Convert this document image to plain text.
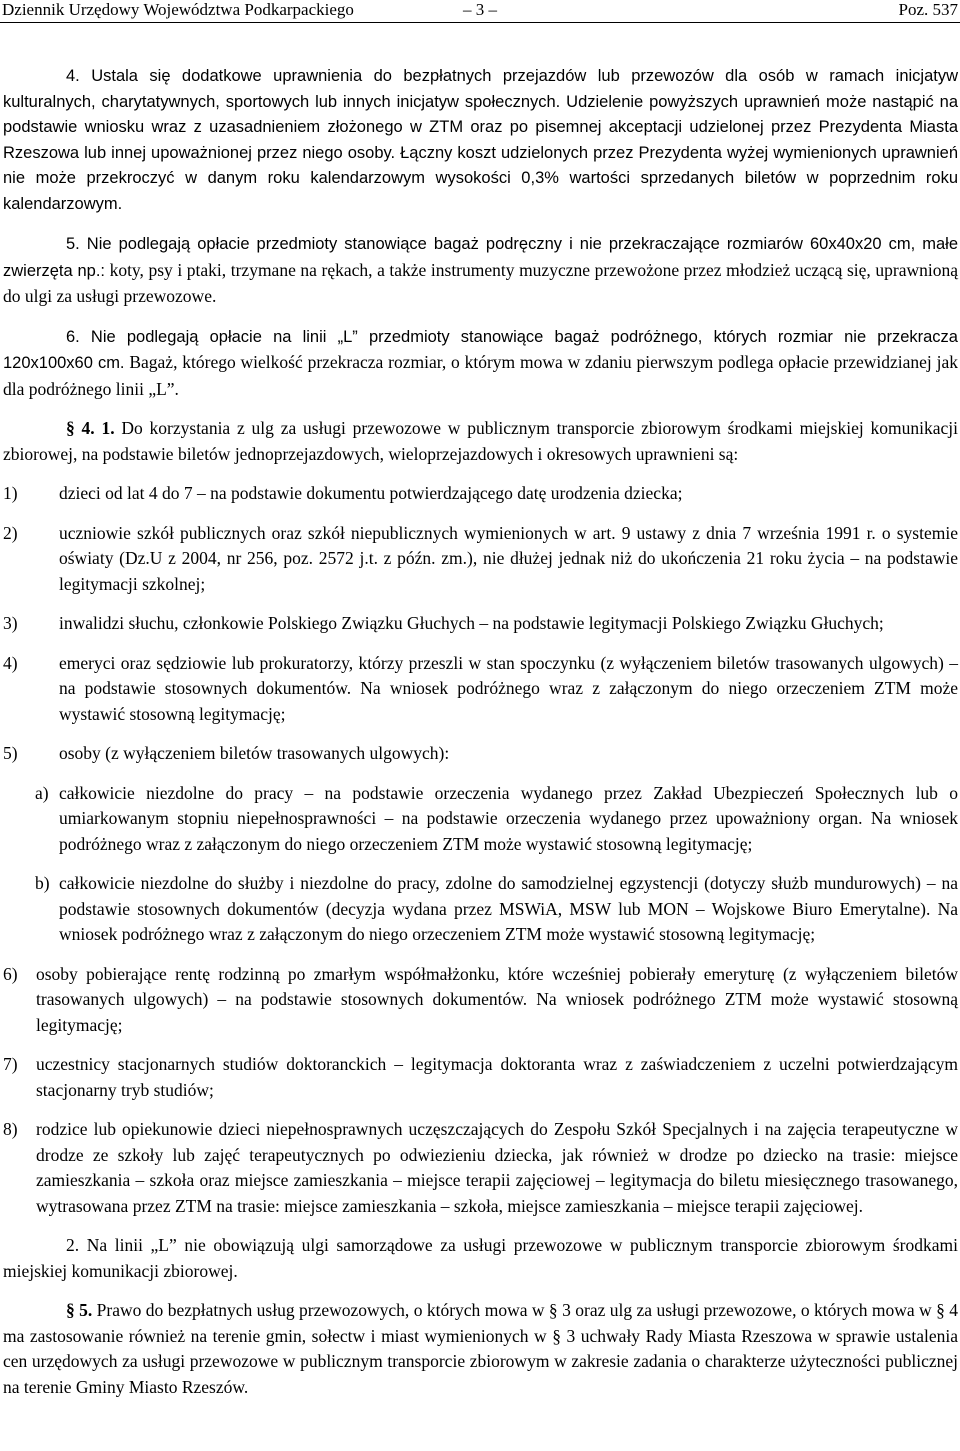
Dziennik Urzędowy Województwa Podkarpackiego	– 3 –	Poz. 537

4. Ustala się dodatkowe uprawnienia do bezpłatnych przejazdów lub przewozów dla osób w ramach inicjatyw kulturalnych, charytatywnych, sportowych lub innych inicjatyw społecznych. Udzielenie powyższych uprawnień może nastąpić na podstawie wniosku wraz z uzasadnieniem złożonego w ZTM oraz po pisemnej akceptacji udzielonej przez Prezydenta Miasta Rzeszowa lub innej upoważnionej przez niego osoby. Łączny koszt udzielonych przez Prezydenta wyżej wymienionych uprawnień nie może przekroczyć w danym roku kalendarzowym wysokości 0,3% wartości sprzedanych biletów w poprzednim roku kalendarzowym.

5. Nie podlegają opłacie przedmioty stanowiące bagaż podręczny i nie przekraczające rozmiarów 60x40x20 cm, małe zwierzęta np.: koty, psy i ptaki, trzymane na rękach, a także instrumenty muzyczne przewożone przez młodzież uczącą się, uprawnioną do ulgi za usługi przewozowe.

6. Nie podlegają opłacie na linii „L” przedmioty stanowiące bagaż podróżnego, których rozmiar nie przekracza 120x100x60 cm. Bagaż, którego wielkość przekracza rozmiar, o którym mowa w zdaniu pierwszym podlega opłacie przewidzianej jak dla podróżnego linii „L”.

§ 4. 1. Do korzystania z ulg za usługi przewozowe w publicznym transporcie zbiorowym środkami miejskiej komunikacji zbiorowej, na podstawie biletów jednoprzejazdowych, wieloprzejazdowych i okresowych uprawnieni są:

1)	dzieci od lat 4 do 7 – na podstawie dokumentu potwierdzającego datę urodzenia dziecka;
2)	uczniowie szkół publicznych oraz szkół niepublicznych wymienionych w art. 9 ustawy z dnia 7 września 1991 r. o systemie oświaty (Dz.U z 2004, nr 256, poz. 2572 j.t. z późn. zm.), nie dłużej jednak niż do ukończenia 21 roku życia – na podstawie legitymacji szkolnej;
3)	inwalidzi słuchu, członkowie Polskiego Związku Głuchych – na podstawie legitymacji Polskiego Związku Głuchych;
4)	emeryci oraz sędziowie lub prokuratorzy, którzy przeszli w stan spoczynku (z wyłączeniem biletów trasowanych ulgowych) – na podstawie stosownych dokumentów. Na wniosek podróżnego wraz z załączonym do niego orzeczeniem ZTM może wystawić stosowną legitymację;
5)	osoby (z wyłączeniem biletów trasowanych ulgowych):
a) całkowicie niezdolne do pracy – na podstawie orzeczenia wydanego przez Zakład Ubezpieczeń Społecznych lub o umiarkowanym stopniu niepełnosprawności – na podstawie orzeczenia wydanego przez upoważniony organ. Na wniosek podróżnego wraz z załączonym do niego orzeczeniem ZTM może wystawić stosowną legitymację;
b) całkowicie niezdolne do służby i niezdolne do pracy, zdolne do samodzielnej egzystencji (dotyczy służb mundurowych) – na podstawie stosownych dokumentów (decyzja wydana przez MSWiA, MSW lub MON – Wojskowe Biuro Emerytalne). Na wniosek podróżnego wraz z załączonym do niego orzeczeniem ZTM może wystawić stosowną legitymację;
6)	osoby pobierające rentę rodzinną po zmarłym współmałżonku, które wcześniej pobierały emeryturę (z wyłączeniem biletów trasowanych ulgowych) – na podstawie stosownych dokumentów. Na wniosek podróżnego ZTM może wystawić stosowną legitymację;
7)	uczestnicy stacjonarnych studiów doktoranckich – legitymacja doktoranta wraz z zaświadczeniem z uczelni potwierdzającym stacjonarny tryb studiów;
8)	rodzice lub opiekunowie dzieci niepełnosprawnych uczęszczających do Zespołu Szkół Specjalnych i na zajęcia terapeutyczne w drodze ze szkoły lub zajęć terapeutycznych po odwiezieniu dziecka, jak również w drodze po dziecko na trasie: miejsce zamieszkania – szkoła oraz miejsce zamieszkania – miejsce terapii zajęciowej – legitymacja do biletu miesięcznego trasowanego, wytrasowana przez ZTM na trasie: miejsce zamieszkania – szkoła, miejsce zamieszkania – miejsce terapii zajęciowej.

2. Na linii „L” nie obowiązują ulgi samorządowe za usługi przewozowe w publicznym transporcie zbiorowym środkami miejskiej komunikacji zbiorowej.

§ 5. Prawo do bezpłatnych usług przewozowych, o których mowa w § 3 oraz ulg za usługi przewozowe, o których mowa w § 4 ma zastosowanie również na terenie gmin, sołectw i miast wymienionych w § 3 uchwały Rady Miasta Rzeszowa w sprawie ustalenia cen urzędowych za usługi przewozowe w publicznym transporcie zbiorowym w zakresie zadania o charakterze użyteczności publicznej na terenie Gminy Miasto Rzeszów.
